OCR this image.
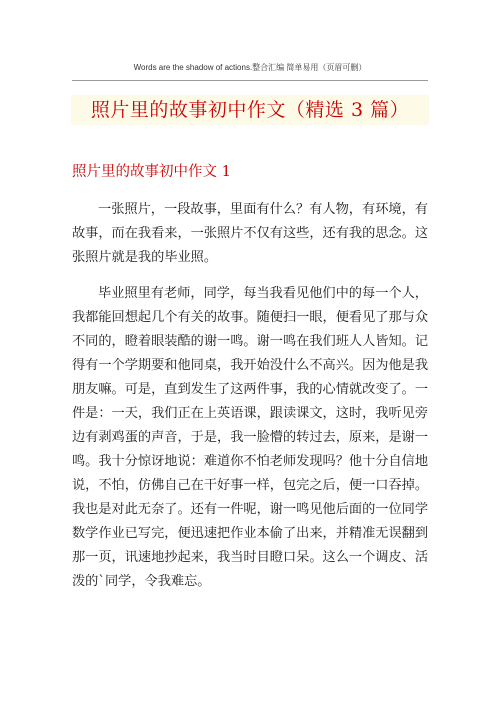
Words are the shadow of actions.整合汇编 简单易用（页眉可删）
照片里的故事初中作文（精选 3 篇）
照片里的故事初中作文 1
一张照片，一段故事，里面有什么？有人物，有环境，有
故事，而在我看来，一张照片不仅有这些，还有我的思念。这
张照片就是我的毕业照。
毕业照里有老师，同学，每当我看见他们中的每一个人，
我都能回想起几个有关的故事。随便扫一眼，便看见了那与众
不同的，瞪着眼装酷的谢一鸣。谢一鸣在我们班人人皆知。记
得有一个学期要和他同桌，我开始没什么不高兴。因为他是我
朋友嘛。可是，直到发生了这两件事，我的心情就改变了。一
件是：一天，我们正在上英语课，跟读课文，这时，我听见旁
边有剥鸡蛋的声音，于是，我一脸懵的转过去，原来，是谢一
鸣。我十分惊讶地说：难道你不怕老师发现吗？他十分自信地
说，不怕，仿佛自己在干好事一样，包完之后，便一口吞掉。
我也是对此无奈了。还有一件呢，谢一鸣见他后面的一位同学
数学作业已写完，便迅速把作业本偷了出来，并精准无误翻到
那一页，讯速地抄起来，我当时目瞪口呆。这么一个调皮、活
泼的`同学，令我难忘。
